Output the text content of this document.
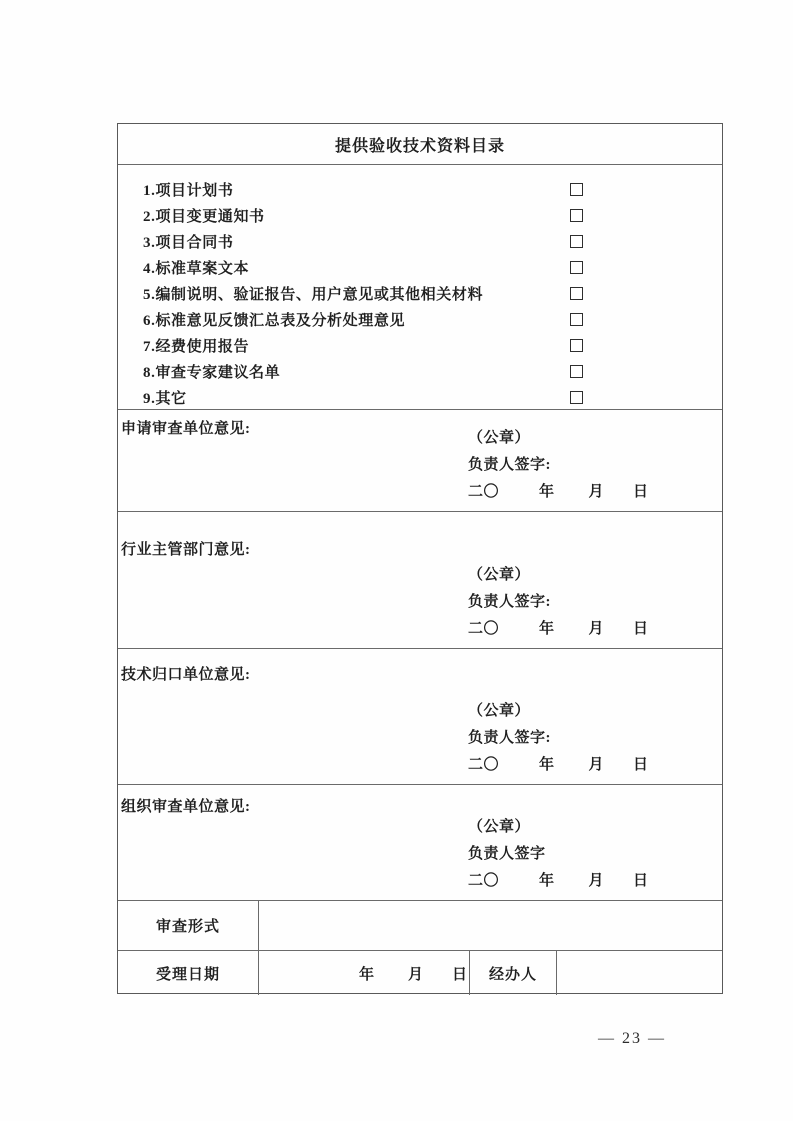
提供验收技术资料目录
1.项目计划书
2.项目变更通知书
3.项目合同书
4.标准草案文本
5.编制说明、验证报告、用户意见或其他相关材料
6.标准意见反馈汇总表及分析处理意见
7.经费使用报告
8.审查专家建议名单
9.其它
申请审查单位意见:
（公章）
负责人签字:
二〇	年 月 日
行业主管部门意见:
（公章）
负责人签字:
二〇	年 月 日
技术归口单位意见:
（公章）
负责人签字:
二〇	年 月 日
组织审查单位意见:
（公章）
负责人签字
二〇	年 月 日
审查形式
受理日期	年 月 日	经办人
— 23 —
